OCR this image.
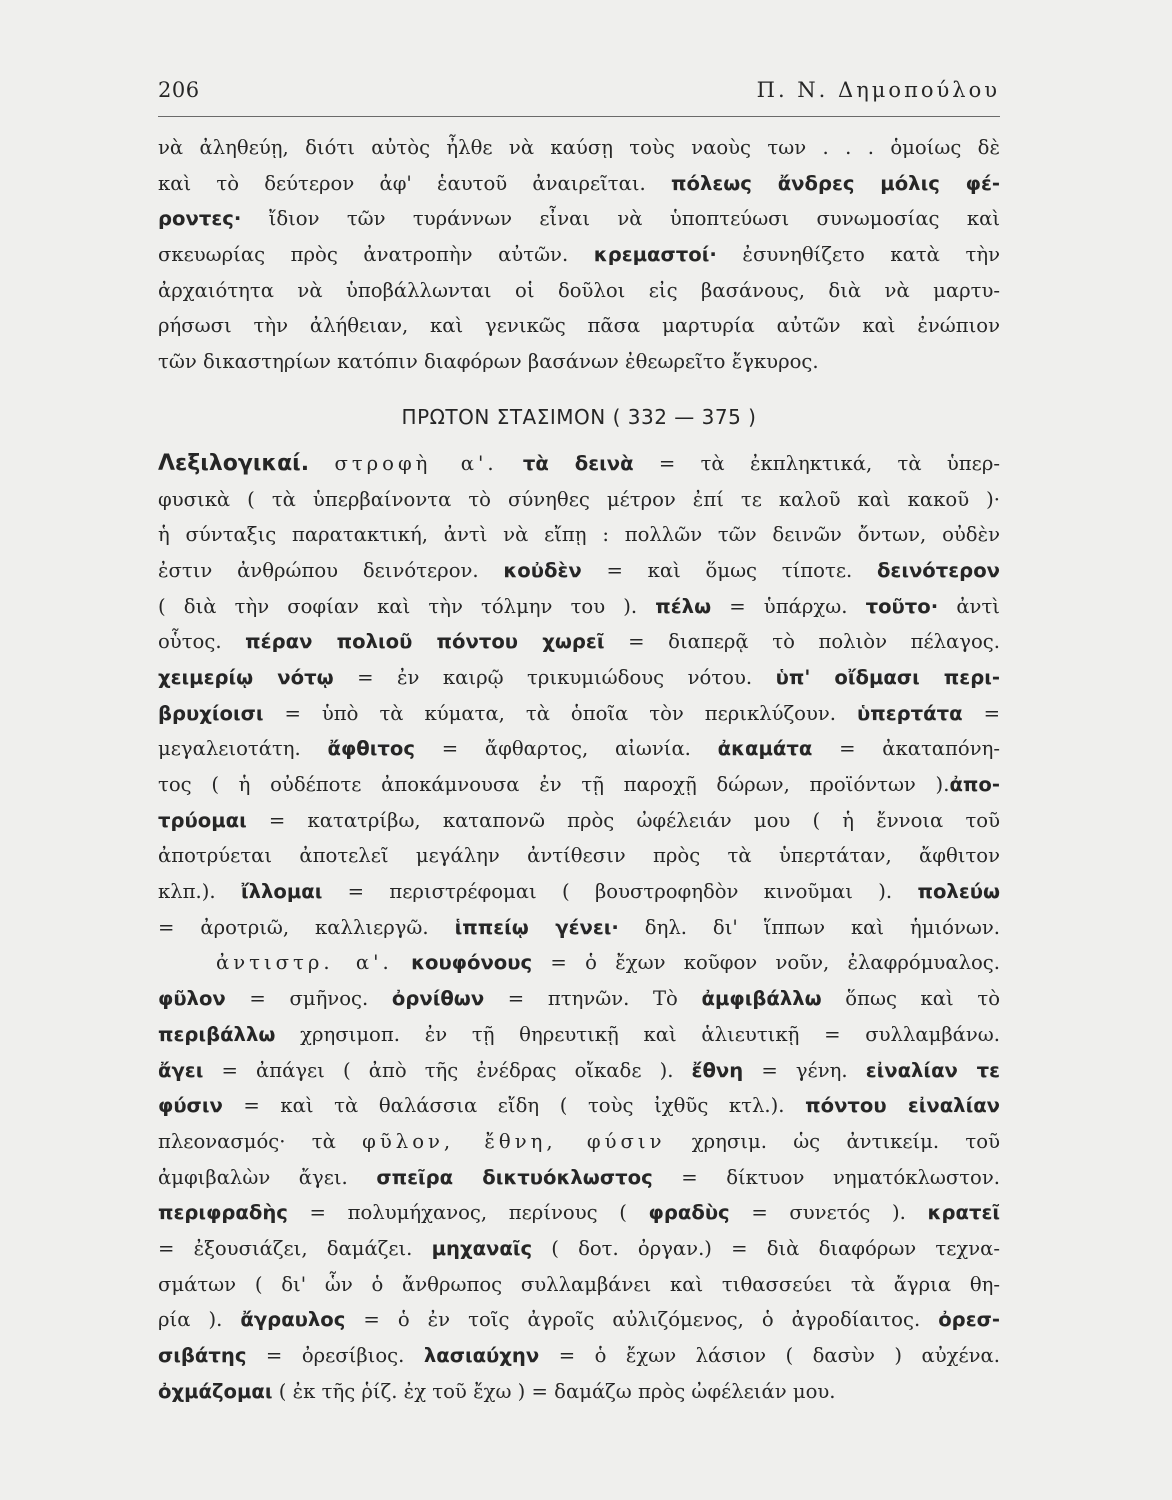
206	Π. Ν. Δημοπούλου
νὰ ἀληθεύῃ, διότι αὐτὸς ἦλθε νὰ καύσῃ τοὺς ναοὺς των . . . ὁμοίως δὲ
καὶ τὸ δεύτερον ἀφ' ἑαυτοῦ ἀναιρεῖται. πόλεως ἄνδρες μόλις φέ-
ροντες· ἴδιον τῶν τυράννων εἶναι νὰ ὑποπτεύωσι συνωμοσίας καὶ
σκευωρίας πρὸς ἀνατροπὴν αὐτῶν. κρεμαστοί· ἐσυνηθίζετο κατὰ τὴν
ἀρχαιότητα νὰ ὑποβάλλωνται οἱ δοῦλοι εἰς βασάνους, διὰ νὰ μαρτυ-
ρήσωσι τὴν ἀλήθειαν, καὶ γενικῶς πᾶσα μαρτυρία αὐτῶν καὶ ἐνώπιον
τῶν δικαστηρίων κατόπιν διαφόρων βασάνων ἐθεωρεῖτο ἔγκυρος.
ΠΡΩΤΟΝ ΣΤΑΣΙΜΟΝ ( 332 — 375 )
Λεξιλογικαί. στροφὴ α'. τὰ δεινὰ = τὰ ἐκπληκτικά, τὰ ὑπερ-
φυσικὰ ( τὰ ὑπερβαίνοντα τὸ σύνηθες μέτρον ἐπί τε καλοῦ καὶ κακοῦ )·
ἡ σύνταξις παρατακτική, ἀντὶ νὰ εἴπῃ : πολλῶν τῶν δεινῶν ὄντων, οὐδὲν
ἐστιν ἀνθρώπου δεινότερον. κοὐδὲν = καὶ ὅμως τίποτε. δεινότερον
( διὰ τὴν σοφίαν καὶ τὴν τόλμην του ). πέλω = ὑπάρχω. τοῦτο· ἀντὶ
οὗτος. πέραν πολιοῦ πόντου χωρεῖ = διαπερᾷ τὸ πολιὸν πέλαγος.
χειμερίῳ νότῳ = ἐν καιρῷ τρικυμιώδους νότου. ὑπ' οἴδμασι περι-
βρυχίοισι = ὑπὸ τὰ κύματα, τὰ ὁποῖα τὸν περικλύζουν. ὑπερτάτα =
μεγαλειοτάτη. ἄφθιτος = ἄφθαρτος, αἰωνία. ἀκαμάτα = ἀκαταπόνη-
τος ( ἡ οὐδέποτε ἀποκάμνουσα ἐν τῇ παροχῇ δώρων, προϊόντων ).ἀπο-
τρύομαι = κατατρίβω, καταπονῶ πρὸς ὠφέλειάν μου ( ἡ ἔννοια τοῦ
ἀποτρύεται ἀποτελεῖ μεγάλην ἀντίθεσιν πρὸς τὰ ὑπερτάταν, ἄφθιτον
κλπ.). ἴλλομαι = περιστρέφομαι ( βουστροφηδὸν κινοῦμαι ). πολεύω
= ἀροτριῶ, καλλιεργῶ. ἱππείῳ γένει· δηλ. δι' ἵππων καὶ ἡμιόνων.
ἀντιστρ. α'. κουφόνους = ὁ ἔχων κοῦφον νοῦν, ἐλαφρόμυαλος.
φῦλον = σμῆνος. ὀρνίθων = πτηνῶν. Τὸ ἀμφιβάλλω ὅπως καὶ τὸ
περιβάλλω χρησιμοπ. ἐν τῇ θηρευτικῇ καὶ ἁλιευτικῇ = συλλαμβάνω.
ἄγει = ἀπάγει ( ἀπὸ τῆς ἐνέδρας οἴκαδε ). ἔθνη = γένη. εἰναλίαν τε
φύσιν = καὶ τὰ θαλάσσια εἴδη ( τοὺς ἰχθῦς κτλ.). πόντου εἰναλίαν
πλεονασμός· τὰ φῦλον, ἔθνη, φύσιν χρησιμ. ὡς ἀντικείμ. τοῦ
ἀμφιβαλὼν ἄγει. σπεῖρα δικτυόκλωστος = δίκτυον νηματόκλωστον.
περιφραδὴς = πολυμήχανος, περίνους ( φραδὺς = συνετός ). κρατεῖ
= ἐξουσιάζει, δαμάζει. μηχαναῖς ( δοτ. ὀργαν.) = διὰ διαφόρων τεχνα-
σμάτων ( δι' ὧν ὁ ἄνθρωπος συλλαμβάνει καὶ τιθασσεύει τὰ ἄγρια θη-
ρία ). ἄγραυλος = ὁ ἐν τοῖς ἀγροῖς αὐλιζόμενος, ὁ ἀγροδίαιτος. ὀρεσ-
σιβάτης = ὀρεσίβιος. λασιαύχην = ὁ ἔχων λάσιον ( δασὺν ) αὐχένα.
ὀχμάζομαι ( ἐκ τῆς ῥίζ. ἐχ τοῦ ἔχω ) = δαμάζω πρὸς ὠφέλειάν μου.
